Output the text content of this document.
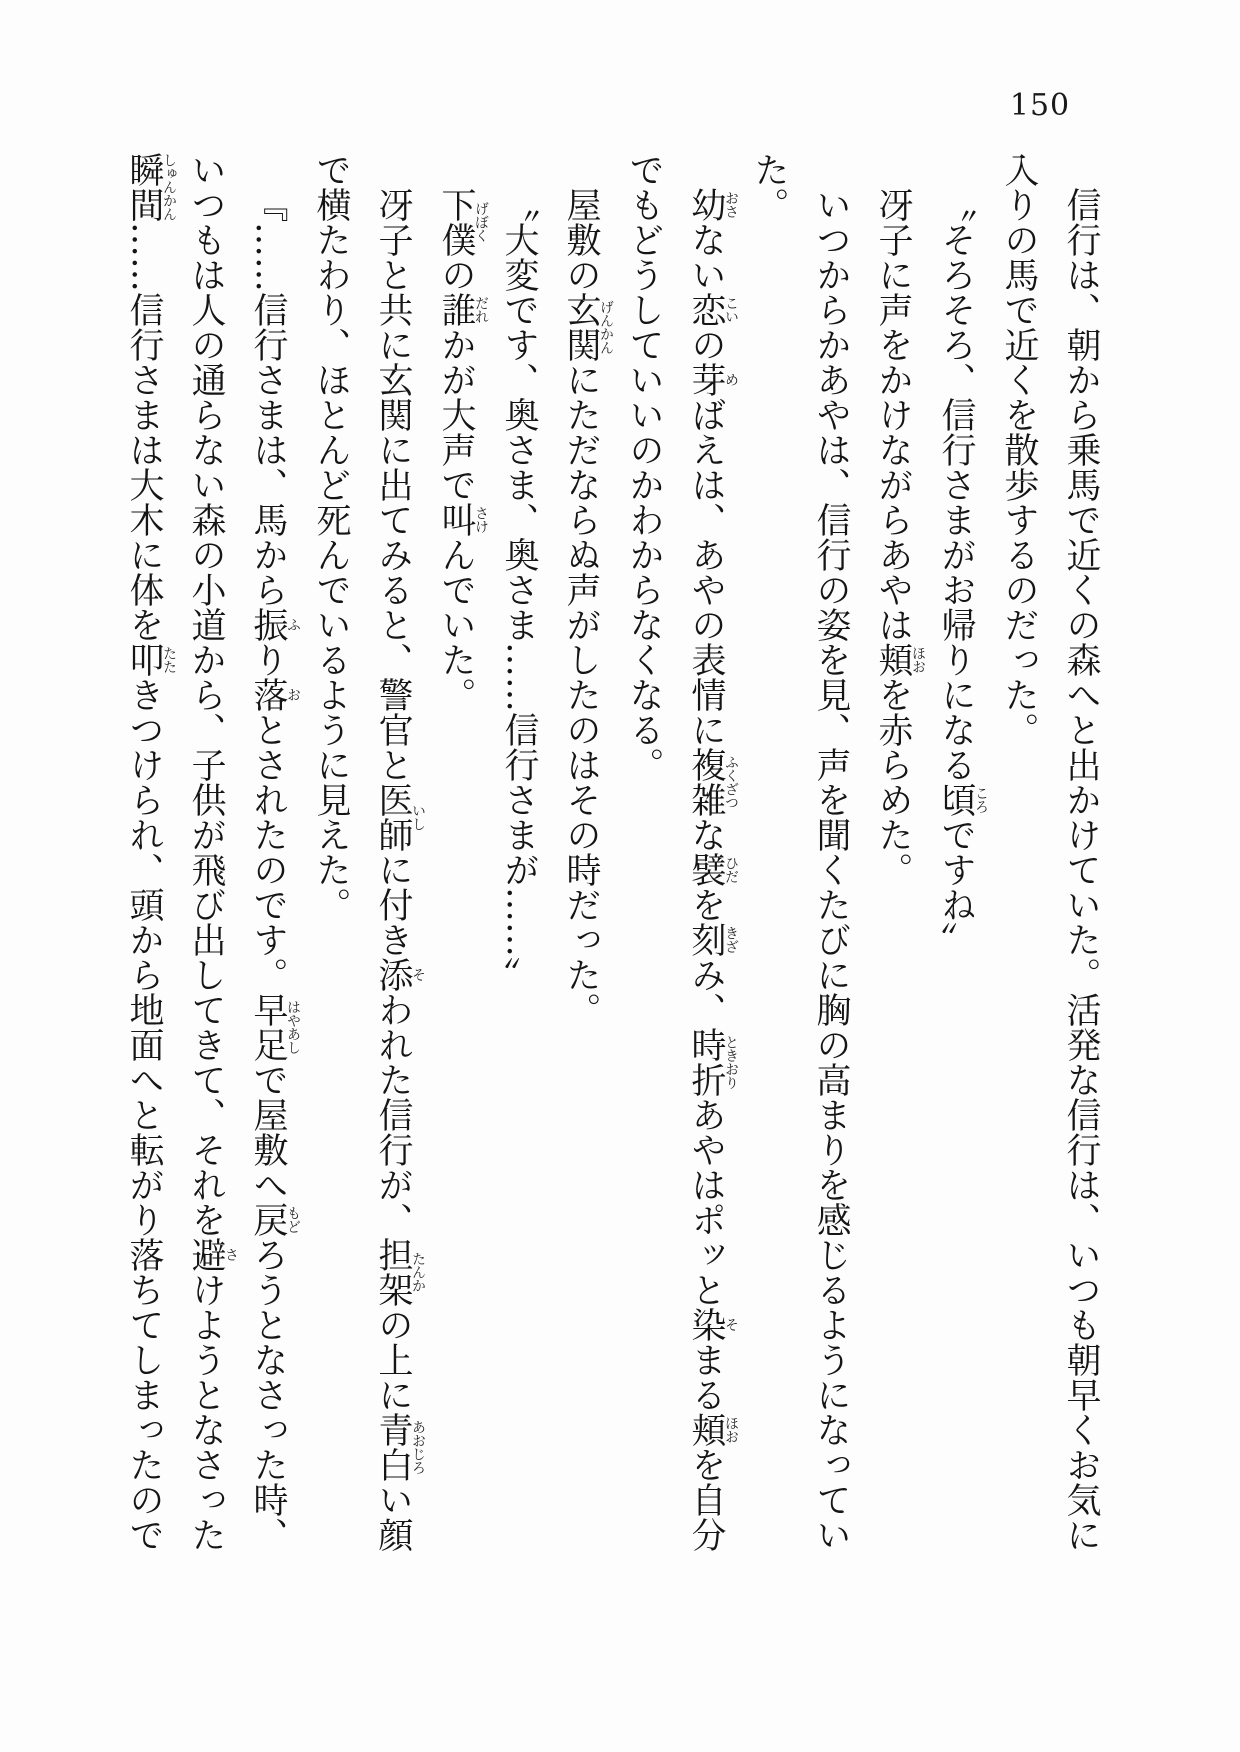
150

信行は、朝から乗馬で近くの森へと出かけていた。活発な信行は、いつも朝早くお気に入りの馬で近くを散歩するのだった。

〝そろそろ、信行さまがお帰りになる頃ころですね〞

冴子に声をかけながらあやは頬ほおを赤らめた。

いつからかあやは、信行の姿を見、声を聞くたびに胸の高まりを感じるようになっていた。

幼おさない恋こいの芽めばえは、あやの表情に複雑ふくざつな襞ひだを刻きざみ、時折ときおりあやはポッと染そまる頬ほおを自分でもどうしていいのかわからなくなる。

屋敷の玄関げんかんにただならぬ声がしたのはその時だった。

〝大変です、奥さま、奥さま……信行さまが……〞

下僕げぼくの誰だれかが大声で叫さけんでいた。

冴子と共に玄関に出てみると、警官と医師いしに付き添そわれた信行が、担架たんかの上に青白あおじろい顔で横たわり、ほとんど死んでいるように見えた。

『……信行さまは、馬から振ふり落おとされたのです。早足はやあしで屋敷へ戻もどろうとなさった時、いつもは人の通らない森の小道から、子供が飛び出してきて、それを避さけようとなさった瞬間しゅんかん……信行さまは大木に体を叩たたきつけられ、頭から地面へと転がり落ちてしまったので
